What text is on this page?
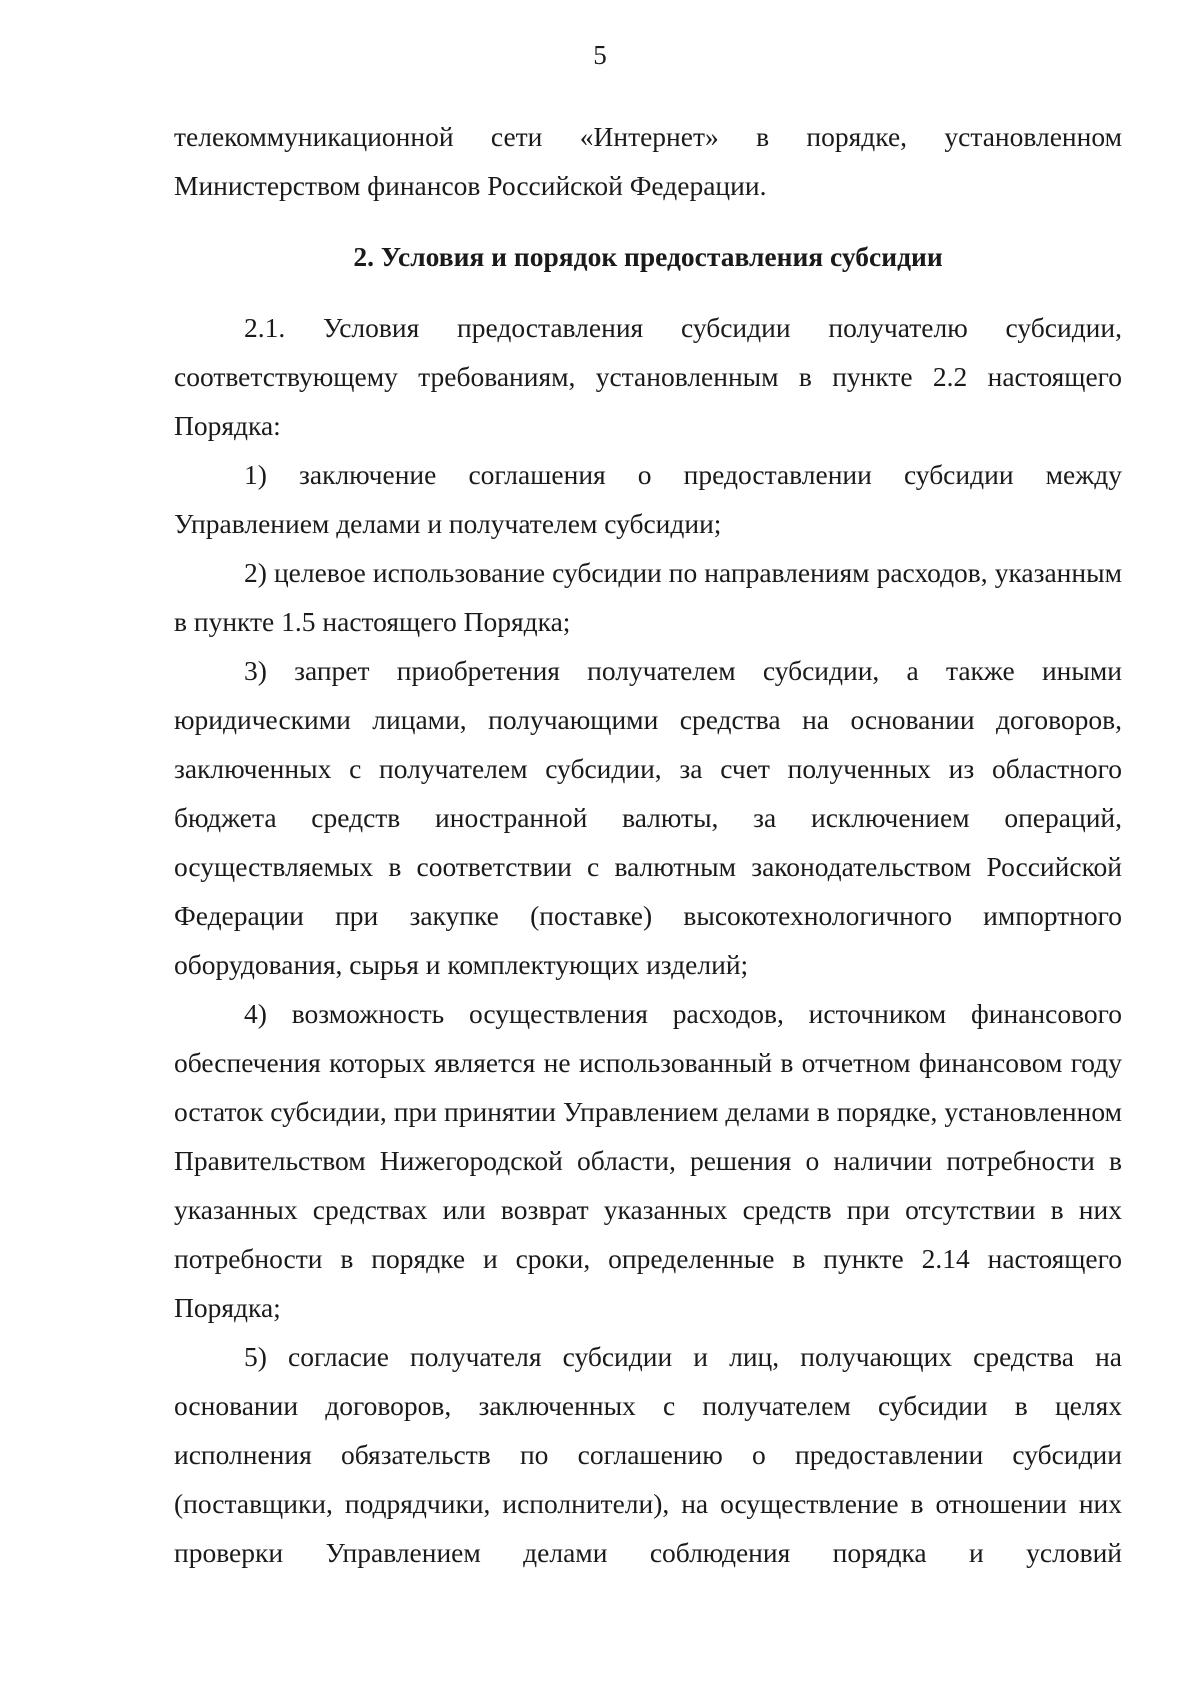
5

телекоммуникационной сети «Интернет» в порядке, установленном Министерством финансов Российской Федерации.

2. Условия и порядок предоставления субсидии

2.1. Условия предоставления субсидии получателю субсидии, соответствующему требованиям, установленным в пункте 2.2 настоящего Порядка:

1) заключение соглашения о предоставлении субсидии между Управлением делами и получателем субсидии;

2) целевое использование субсидии по направлениям расходов, указанным в пункте 1.5 настоящего Порядка;

3) запрет приобретения получателем субсидии, а также иными юридическими лицами, получающими средства на основании договоров, заключенных с получателем субсидии, за счет полученных из областного бюджета средств иностранной валюты, за исключением операций, осуществляемых в соответствии с валютным законодательством Российской Федерации при закупке (поставке) высокотехнологичного импортного оборудования, сырья и комплектующих изделий;

4) возможность осуществления расходов, источником финансового обеспечения которых является не использованный в отчетном финансовом году остаток субсидии, при принятии Управлением делами в порядке, установленном Правительством Нижегородской области, решения о наличии потребности в указанных средствах или возврат указанных средств при отсутствии в них потребности в порядке и сроки, определенные в пункте 2.14 настоящего Порядка;

5) согласие получателя субсидии и лиц, получающих средства на основании договоров, заключенных с получателем субсидии в целях исполнения обязательств по соглашению о предоставлении субсидии (поставщики, подрядчики, исполнители), на осуществление в отношении них проверки Управлением делами соблюдения порядка и условий
